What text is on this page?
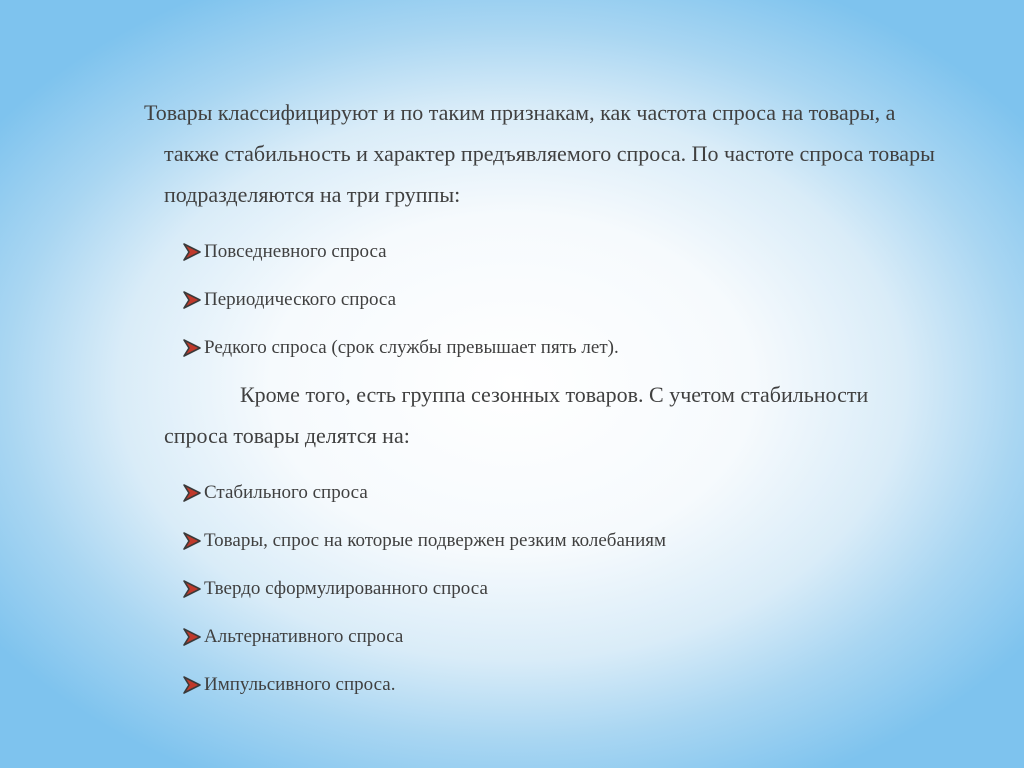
Товары классифицируют и по таким признакам, как частота спроса на товары, а также стабильность и характер предъявляемого спроса. По частоте спроса товары подразделяются на три группы:

Повседневного спроса
Периодического спроса
Редкого спроса (срок службы превышает пять лет).

Кроме того, есть группа сезонных товаров. С учетом стабильности спроса товары делятся на:

Стабильного спроса
Товары, спрос на которые подвержен резким колебаниям
Твердо сформулированного спроса
Альтернативного спроса
Импульсивного спроса.
